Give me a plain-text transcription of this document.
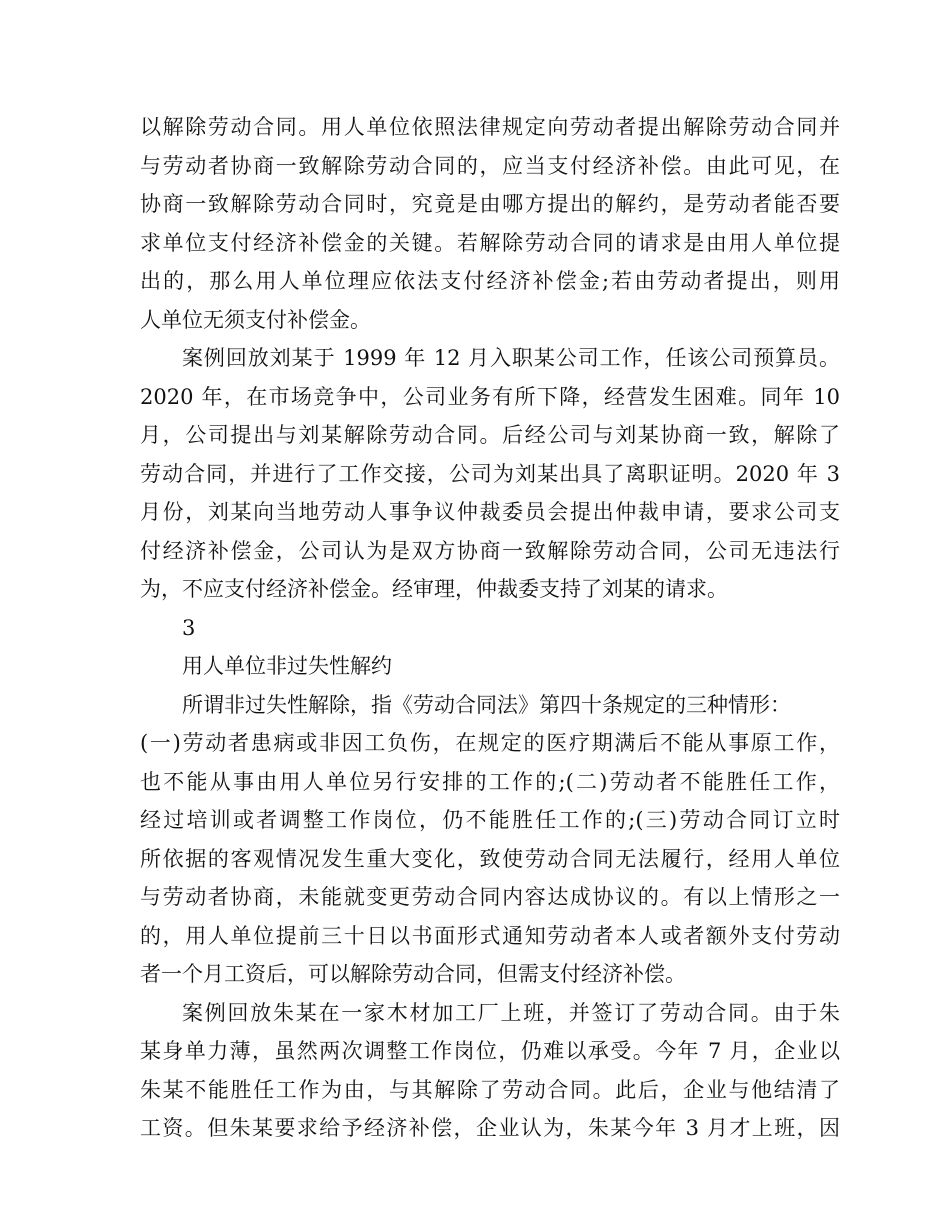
以解除劳动合同。用人单位依照法律规定向劳动者提出解除劳动合同并
与劳动者协商一致解除劳动合同的，应当支付经济补偿。由此可见，在
协商一致解除劳动合同时，究竟是由哪方提出的解约，是劳动者能否要
求单位支付经济补偿金的关键。若解除劳动合同的请求是由用人单位提
出的，那么用人单位理应依法支付经济补偿金;若由劳动者提出，则用
人单位无须支付补偿金。
案例回放刘某于 1999 年 12 月入职某公司工作，任该公司预算员。
2020 年，在市场竞争中，公司业务有所下降，经营发生困难。同年 10
月，公司提出与刘某解除劳动合同。后经公司与刘某协商一致，解除了
劳动合同，并进行了工作交接，公司为刘某出具了离职证明。2020 年 3
月份，刘某向当地劳动人事争议仲裁委员会提出仲裁申请，要求公司支
付经济补偿金，公司认为是双方协商一致解除劳动合同，公司无违法行
为，不应支付经济补偿金。经审理，仲裁委支持了刘某的请求。
3
用人单位非过失性解约
所谓非过失性解除，指《劳动合同法》第四十条规定的三种情形：
(一)劳动者患病或非因工负伤，在规定的医疗期满后不能从事原工作，
也不能从事由用人单位另行安排的工作的;(二)劳动者不能胜任工作，
经过培训或者调整工作岗位，仍不能胜任工作的;(三)劳动合同订立时
所依据的客观情况发生重大变化，致使劳动合同无法履行，经用人单位
与劳动者协商，未能就变更劳动合同内容达成协议的。有以上情形之一
的，用人单位提前三十日以书面形式通知劳动者本人或者额外支付劳动
者一个月工资后，可以解除劳动合同，但需支付经济补偿。
案例回放朱某在一家木材加工厂上班，并签订了劳动合同。由于朱
某身单力薄，虽然两次调整工作岗位，仍难以承受。今年 7 月，企业以
朱某不能胜任工作为由，与其解除了劳动合同。此后，企业与他结清了
工资。但朱某要求给予经济补偿，企业认为，朱某今年 3 月才上班，因
